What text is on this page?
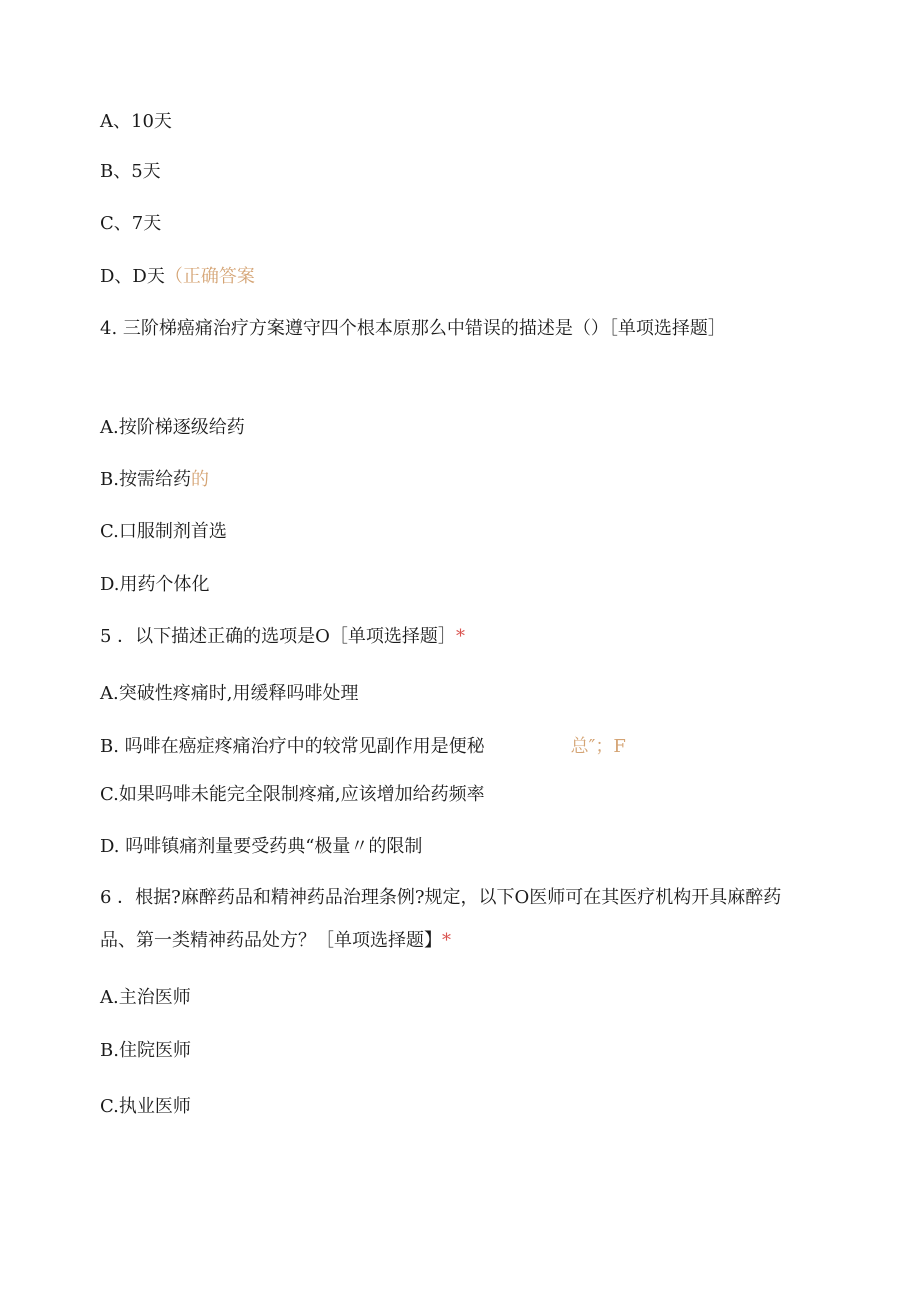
A、10天
B、5天
C、7天
D、D天（正确答案
4. 三阶梯癌痛治疗方案遵守四个根本原那么中错误的描述是（）［单项选择题］
A.按阶梯逐级给药
B.按需给药的
C.口服制剂首选
D.用药个体化
5 ．以下描述正确的选项是O［单项选择题］*
A.突破性疼痛时,用缓释吗啡处理
B. 吗啡在癌症疼痛治疗中的较常见副作用是便秘	总″；F
C.如果吗啡未能完全限制疼痛,应该增加给药频率
D. 吗啡镇痛剂量要受药典“极量〃的限制
6 ．根据?麻醉药品和精神药品治理条例?规定，以下O医师可在其医疗机构开具麻醉药
品、第一类精神药品处方？［单项选择题】*
A.主治医师
B.住院医师
C.执业医师
